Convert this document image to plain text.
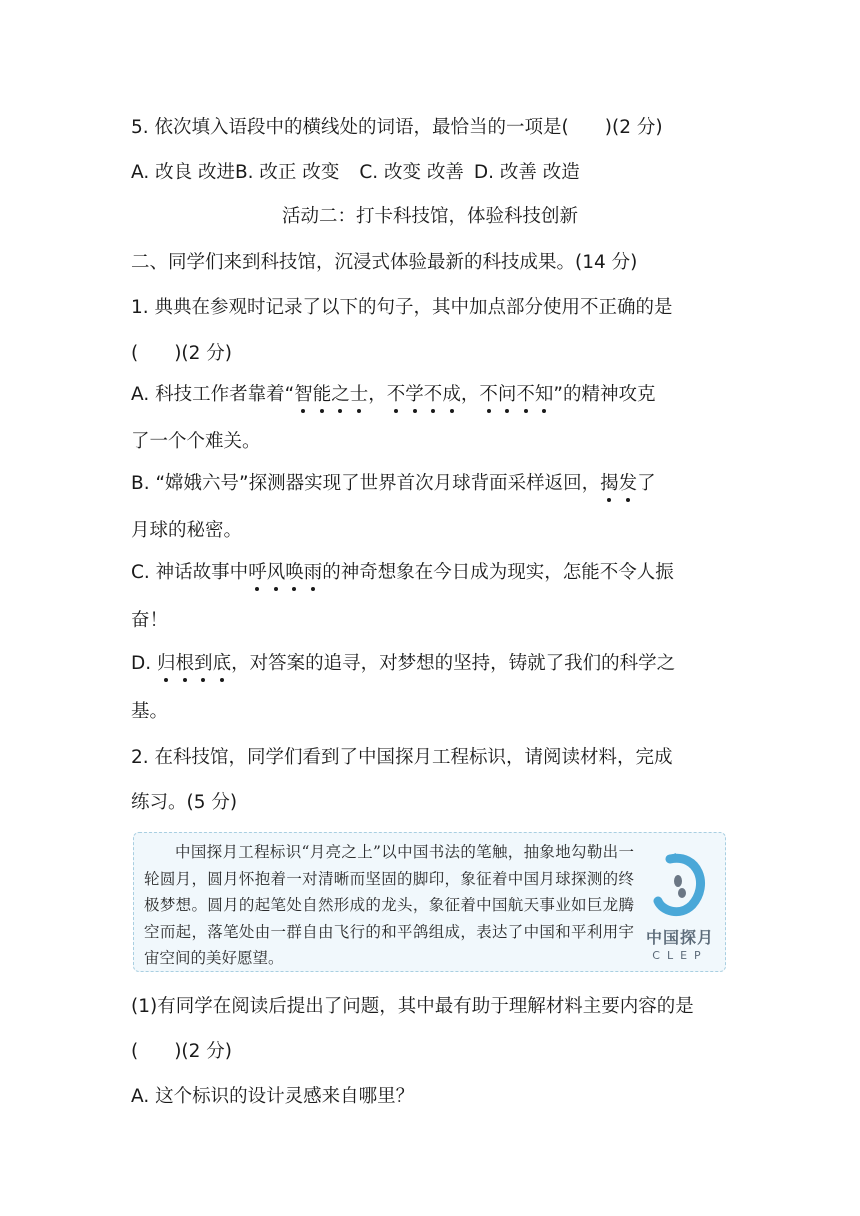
5. 依次填入语段中的横线处的词语，最恰当的一项是( )(2 分)
A. 改良 改进B. 改正 改变 C. 改变 改善 D. 改善 改造
活动二：打卡科技馆，体验科技创新
二、同学们来到科技馆，沉浸式体验最新的科技成果。(14 分)
1. 典典在参观时记录了以下的句子，其中加点部分使用不正确的是
( )(2 分)
A. 科技工作者靠着“智能之士，不学不成，不问不知”的精神攻克
了一个个难关。
B. “嫦娥六号”探测器实现了世界首次月球背面采样返回，揭发了
月球的秘密。
C. 神话故事中呼风唤雨的神奇想象在今日成为现实，怎能不令人振
奋！
D. 归根到底，对答案的追寻，对梦想的坚持，铸就了我们的科学之
基。
2. 在科技馆，同学们看到了中国探月工程标识，请阅读材料，完成
练习。(5 分)
中国探月工程标识“月亮之上”以中国书法的笔触，抽象地勾勒出一轮圆月，圆月怀抱着一对清晰而坚固的脚印，象征着中国月球探测的终极梦想。圆月的起笔处自然形成的龙头，象征着中国航天事业如巨龙腾空而起，落笔处由一群自由飞行的和平鸽组成，表达了中国和平利用宇宙空间的美好愿望。
中国探月
CLEP
(1)有同学在阅读后提出了问题，其中最有助于理解材料主要内容的是
( )(2 分)
A. 这个标识的设计灵感来自哪里？
